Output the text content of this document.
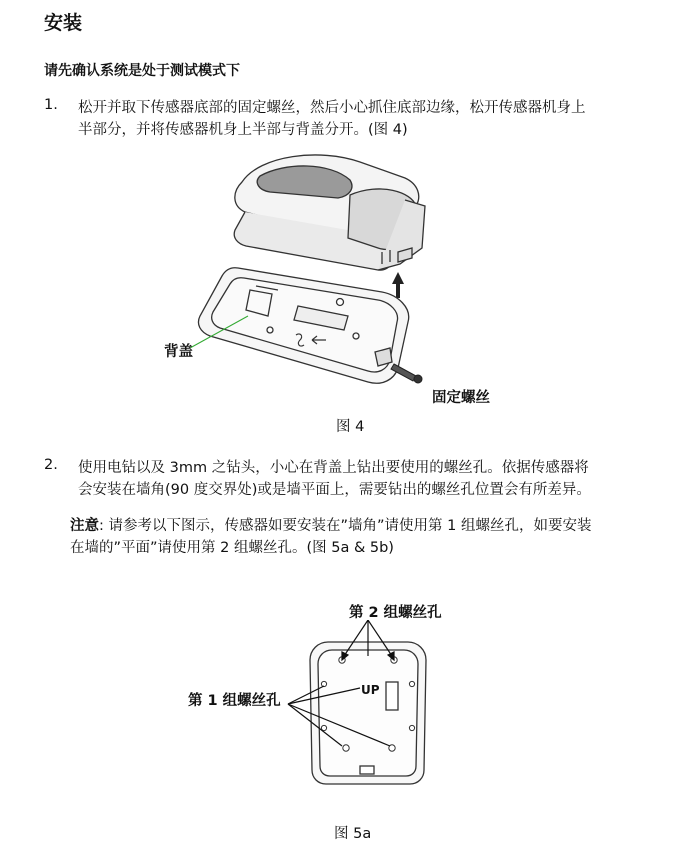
安装
请先确认系统是处于测试模式下
1. 松开并取下传感器底部的固定螺丝，然后小心抓住底部边缘，松开传感器机身上
半部分，并将传感器机身上半部与背盖分开。(图 4)
背盖
固定螺丝
图 4
2. 使用电钻以及 3mm 之钻头，小心在背盖上钻出要使用的螺丝孔。依据传感器将
会安装在墙角(90 度交界处)或是墙平面上，需要钻出的螺丝孔位置会有所差异。
注意: 请参考以下图示，传感器如要安装在”墙角”请使用第 1 组螺丝孔，如要安装
在墙的”平面”请使用第 2 组螺丝孔。(图 5a & 5b)
第 2 组螺丝孔
第 1 组螺丝孔
UP
图 5a
